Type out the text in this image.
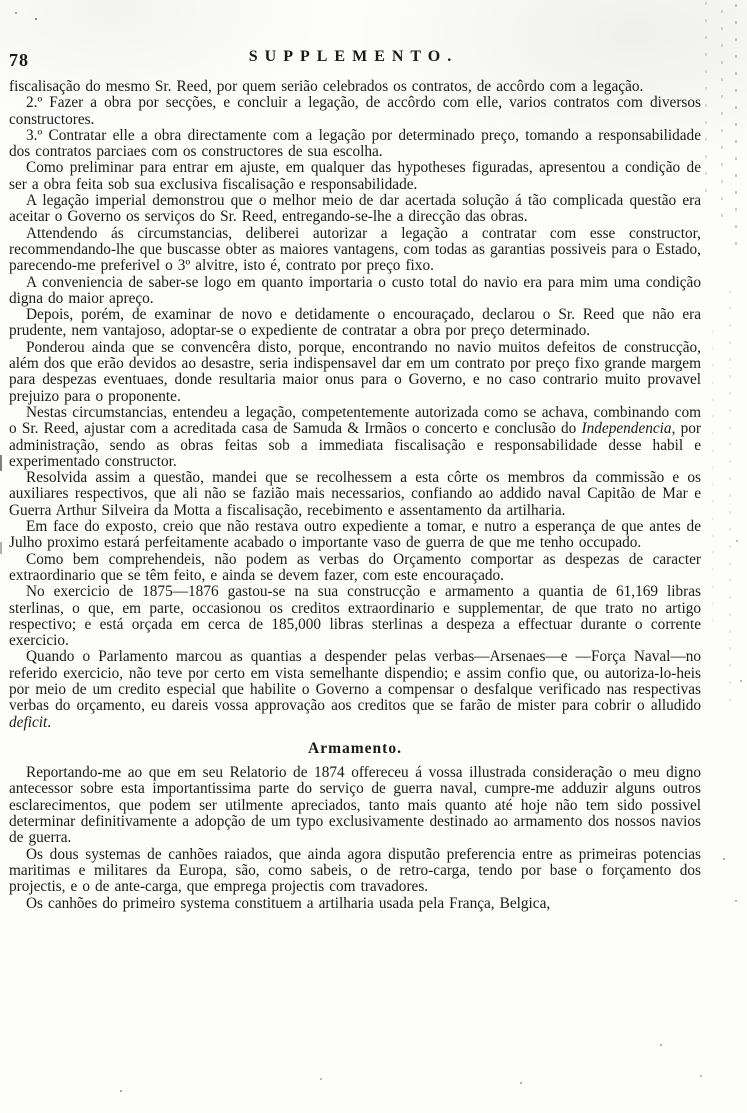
78	SUPPLEMENTO.

fiscalisação do mesmo Sr. Reed, por quem serião celebrados os contratos, de accôrdo com a legação.

2.º Fazer a obra por secções, e concluir a legação, de accôrdo com elle, varios contratos com diversos constructores.

3.º Contratar elle a obra directamente com a legação por determinado preço, tomando a responsabilidade dos contratos parciaes com os constructores de sua escolha.

Como preliminar para entrar em ajuste, em qualquer das hypotheses figuradas, apresentou a condição de ser a obra feita sob sua exclusiva fiscalisação e responsabilidade.

A legação imperial demonstrou que o melhor meio de dar acertada solução á tão complicada questão era aceitar o Governo os serviços do Sr. Reed, entregando-se-lhe a direcção das obras.

Attendendo ás circumstancias, deliberei autorizar a legação a contratar com esse constructor, recommendando-lhe que buscasse obter as maiores vantagens, com todas as garantias possiveis para o Estado, parecendo-me preferivel o 3º alvitre, isto é, contrato por preço fixo.

A conveniencia de saber-se logo em quanto importaria o custo total do navio era para mim uma condição digna do maior apreço.

Depois, porém, de examinar de novo e detidamente o encouraçado, declarou o Sr. Reed que não era prudente, nem vantajoso, adoptar-se o expediente de contratar a obra por preço determinado.

Ponderou ainda que se convencêra disto, porque, encontrando no navio muitos defeitos de construcção, além dos que erão devidos ao desastre, seria indispensavel dar em um contrato por preço fixo grande margem para despezas eventuaes, donde resultaria maior onus para o Governo, e no caso contrario muito provavel prejuizo para o proponente.

Nestas circumstancias, entendeu a legação, competentemente autorizada como se achava, combinando com o Sr. Reed, ajustar com a acreditada casa de Samuda & Irmãos o concerto e conclusão do Independencia, por administração, sendo as obras feitas sob a immediata fiscalisação e responsabilidade desse habil e experimentado constructor.

Resolvida assim a questão, mandei que se recolhessem a esta côrte os membros da commissão e os auxiliares respectivos, que ali não se fazião mais necessarios, confiando ao addido naval Capitão de Mar e Guerra Arthur Silveira da Motta a fiscalisação, recebimento e assentamento da artilharia.

Em face do exposto, creio que não restava outro expediente a tomar, e nutro a esperança de que antes de Julho proximo estará perfeitamente acabado o importante vaso de guerra de que me tenho occupado.

Como bem comprehendeis, não podem as verbas do Orçamento comportar as despezas de caracter extraordinario que se têm feito, e ainda se devem fazer, com este encouraçado.

No exercicio de 1875—1876 gastou-se na sua construcção e armamento a quantia de 61,169 libras sterlinas, o que, em parte, occasionou os creditos extraordinario e supplementar, de que trato no artigo respectivo; e está orçada em cerca de 185,000 libras sterlinas a despeza a effectuar durante o corrente exercicio.

Quando o Parlamento marcou as quantias a despender pelas verbas—Arsenaes—e —Força Naval—no referido exercicio, não teve por certo em vista semelhante dispendio; e assim confio que, ou autoriza-lo-heis por meio de um credito especial que habilite o Governo a compensar o desfalque verificado nas respectivas verbas do orçamento, eu dareis vossa approvação aos creditos que se farão de mister para cobrir o alludido deficit.

Armamento.

Reportando-me ao que em seu Relatorio de 1874 offereceu á vossa illustrada consideração o meu digno antecessor sobre esta importantissima parte do serviço de guerra naval, cumpre-me adduzir alguns outros esclarecimentos, que podem ser utilmente apreciados, tanto mais quanto até hoje não tem sido possivel determinar definitivamente a adopção de um typo exclusivamente destinado ao armamento dos nossos navios de guerra.

Os dous systemas de canhões raiados, que ainda agora disputão preferencia entre as primeiras potencias maritimas e militares da Europa, são, como sabeis, o de retro-carga, tendo por base o forçamento dos projectis, e o de ante-carga, que emprega projectis com travadores.

Os canhões do primeiro systema constituem a artilharia usada pela França, Belgica,
